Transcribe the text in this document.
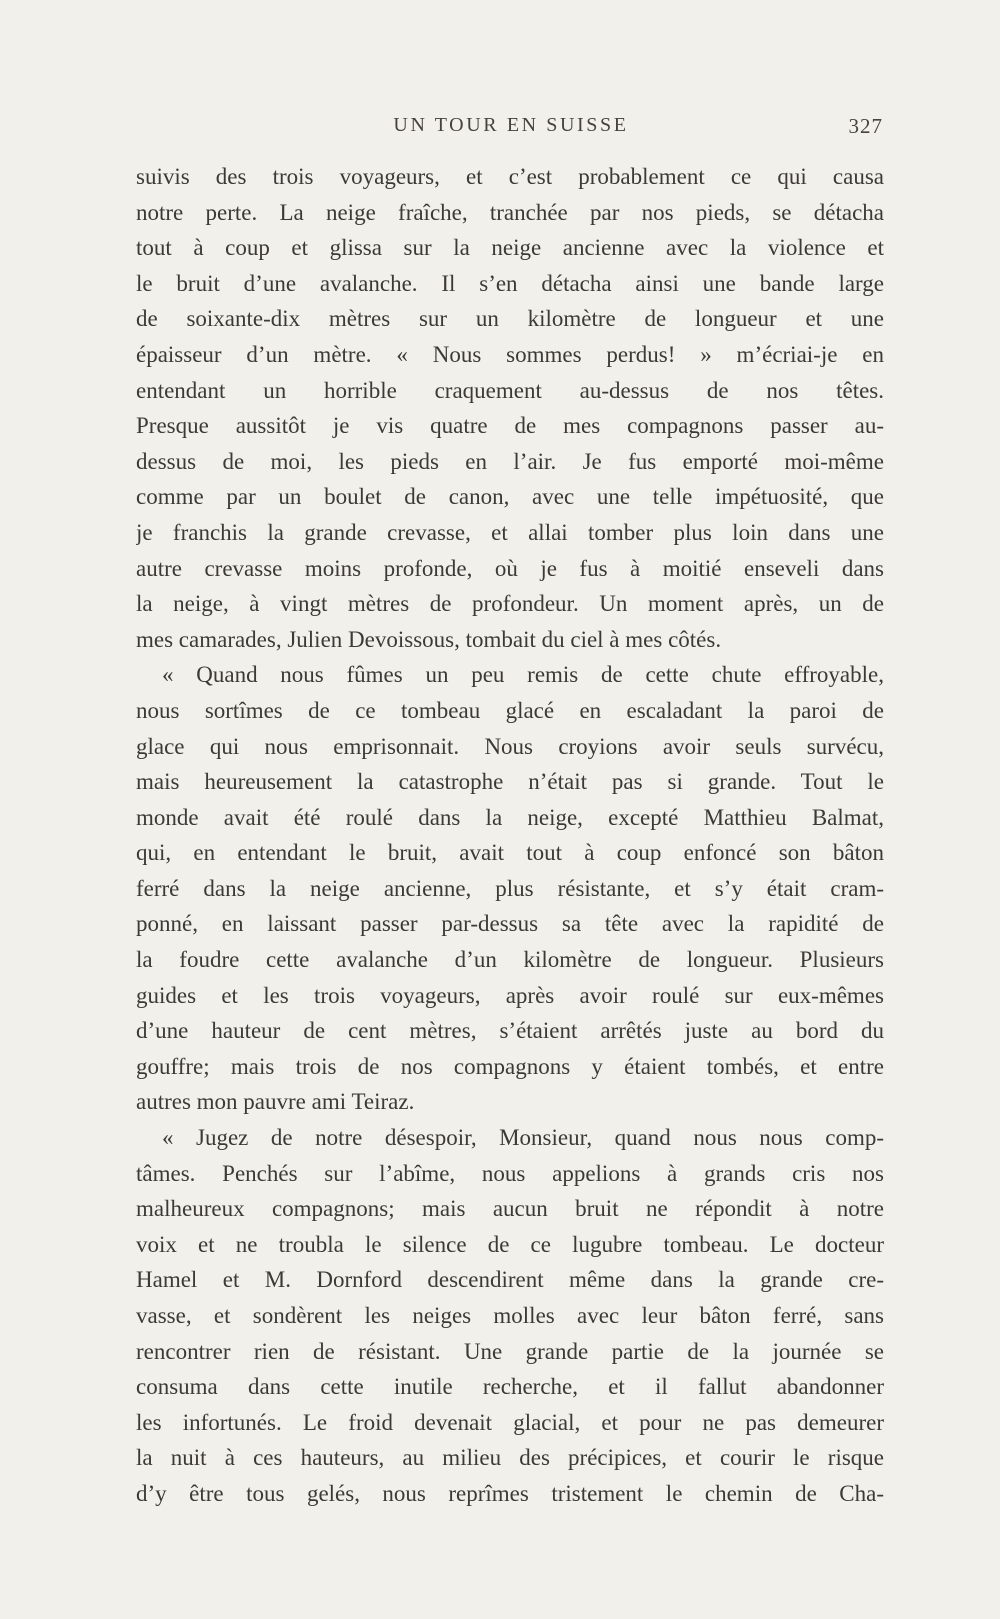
UN TOUR EN SUISSE	327
suivis des trois voyageurs, et c’est probablement ce qui causa
notre perte. La neige fraîche, tranchée par nos pieds, se détacha
tout à coup et glissa sur la neige ancienne avec la violence et
le bruit d’une avalanche. Il s’en détacha ainsi une bande large
de soixante-dix mètres sur un kilomètre de longueur et une
épaisseur d’un mètre. « Nous sommes perdus! » m’écriai-je en
entendant un horrible craquement au-dessus de nos têtes.
Presque aussitôt je vis quatre de mes compagnons passer au-
dessus de moi, les pieds en l’air. Je fus emporté moi-même
comme par un boulet de canon, avec une telle impétuosité, que
je franchis la grande crevasse, et allai tomber plus loin dans une
autre crevasse moins profonde, où je fus à moitié enseveli dans
la neige, à vingt mètres de profondeur. Un moment après, un de
mes camarades, Julien Devoissous, tombait du ciel à mes côtés.
« Quand nous fûmes un peu remis de cette chute effroyable,
nous sortîmes de ce tombeau glacé en escaladant la paroi de
glace qui nous emprisonnait. Nous croyions avoir seuls survécu,
mais heureusement la catastrophe n’était pas si grande. Tout le
monde avait été roulé dans la neige, excepté Matthieu Balmat,
qui, en entendant le bruit, avait tout à coup enfoncé son bâton
ferré dans la neige ancienne, plus résistante, et s’y était cram-
ponné, en laissant passer par-dessus sa tête avec la rapidité de
la foudre cette avalanche d’un kilomètre de longueur. Plusieurs
guides et les trois voyageurs, après avoir roulé sur eux-mêmes
d’une hauteur de cent mètres, s’étaient arrêtés juste au bord du
gouffre; mais trois de nos compagnons y étaient tombés, et entre
autres mon pauvre ami Teiraz.
« Jugez de notre désespoir, Monsieur, quand nous nous comp-
tâmes. Penchés sur l’abîme, nous appelions à grands cris nos
malheureux compagnons; mais aucun bruit ne répondit à notre
voix et ne troubla le silence de ce lugubre tombeau. Le docteur
Hamel et M. Dornford descendirent même dans la grande cre-
vasse, et sondèrent les neiges molles avec leur bâton ferré, sans
rencontrer rien de résistant. Une grande partie de la journée se
consuma dans cette inutile recherche, et il fallut abandonner
les infortunés. Le froid devenait glacial, et pour ne pas demeurer
la nuit à ces hauteurs, au milieu des précipices, et courir le risque
d’y être tous gelés, nous reprîmes tristement le chemin de Cha-
